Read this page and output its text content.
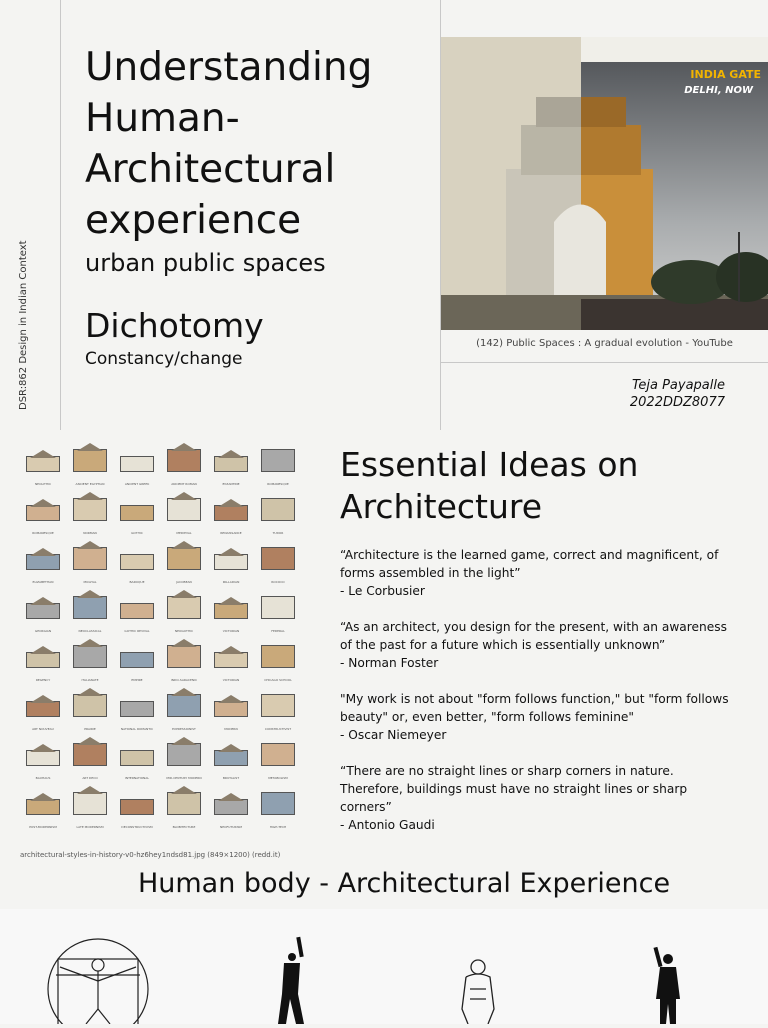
DSR:862 Design in Indian Context
Understanding
Human-
Architectural
experience
urban public spaces
Dichotomy
Constancy/change
INDIA GATE
DELHI, NOW
(142) Public Spaces : A gradual evolution - YouTube
Teja Payapalle
2022DDZ8077
NEOLITHIC	ANCIENT EGYPTIAN	ANCIENT GREEK	ANCIENT ROMAN	BYZANTINE	ROMANESQUE
ROMANESQUE	NORMAN	GOTHIC	MEDIEVAL	RENAISSANCE	TUDOR
ELIZABETHAN	MUGHAL	BAROQUE	JACOBEAN	PALLADIAN	ROCOCO
GEORGIAN	NEOCLASSICAL	GOTHIC REVIVAL	NEOGOTHIC	VICTORIAN	FEDERAL
REGENCY	ITALIANATE	EMPIRE	INDO-SARACENIC	VICTORIAN	CHICAGO SCHOOL
ART NOUVEAU	PRAIRIE	NATIONAL ROMANTIC	EXPRESSIONIST	MODERN	CONSTRUCTIVIST
BAUHAUS	ART DECO	INTERNATIONAL	MID-CENTURY MODERN	BRUTALIST	METABOLISM
POST-MODERNISM	LATE MODERNISM	DECONSTRUCTIVISM	BLOBITECTURE	NEOFUTURISM	HIGH-TECH
architectural-styles-in-history-v0-hz6hey1ndsd81.jpg (849×1200) (redd.it)
Essential Ideas on
Architecture
“Architecture is the learned game, correct and magnificent, of forms assembled in the light”
- Le Corbusier
“As an architect, you design for the present, with an awareness of the past for a future which is essentially unknown”
- Norman Foster
"My work is not about "form follows function," but "form follows beauty" or, even better, "form follows feminine"
- Oscar Niemeyer
“There are no straight lines or sharp corners in nature. Therefore, buildings must have no straight lines or sharp corners”
- Antonio Gaudi
Human body - Architectural Experience
